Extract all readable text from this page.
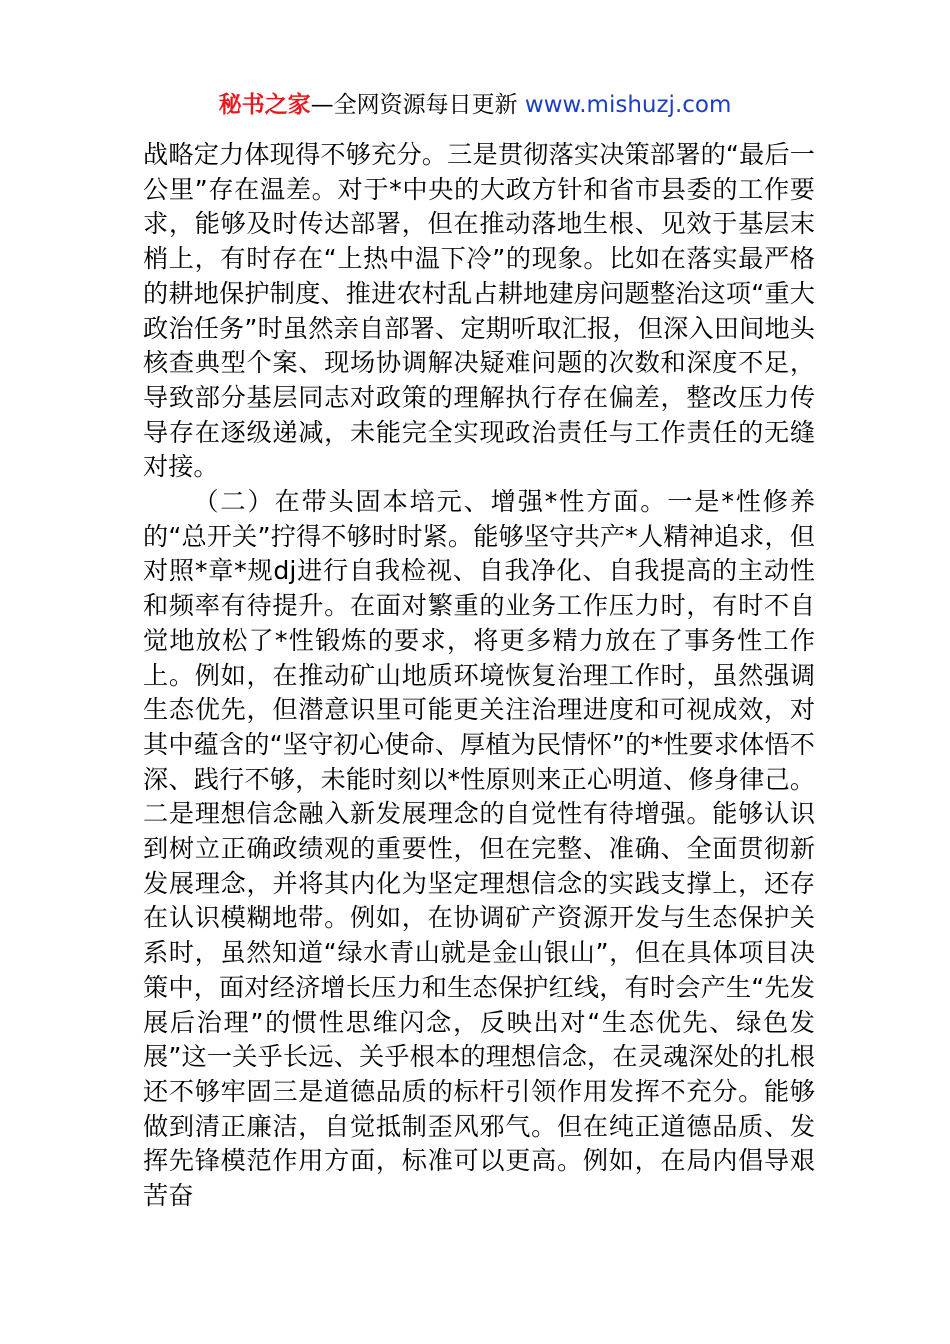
秘书之家—全网资源每日更新 www.mishuzj.com

战略定力体现得不够充分。三是贯彻落实决策部署的“最后一公里”存在温差。对于*中央的大政方针和省市县委的工作要求，能够及时传达部署，但在推动落地生根、见效于基层末梢上，有时存在“上热中温下冷”的现象。比如在落实最严格的耕地保护制度、推进农村乱占耕地建房问题整治这项“重大政治任务”时虽然亲自部署、定期听取汇报，但深入田间地头核查典型个案、现场协调解决疑难问题的次数和深度不足，导致部分基层同志对政策的理解执行存在偏差，整改压力传导存在逐级递减，未能完全实现政治责任与工作责任的无缝对接。

（二）在带头固本培元、增强*性方面。一是*性修养的“总开关”拧得不够时时紧。能够坚守共产*人精神追求，但对照*章*规dj进行自我检视、自我净化、自我提高的主动性和频率有待提升。在面对繁重的业务工作压力时，有时不自觉地放松了*性锻炼的要求，将更多精力放在了事务性工作上。例如，在推动矿山地质环境恢复治理工作时，虽然强调生态优先，但潜意识里可能更关注治理进度和可视成效，对其中蕴含的“坚守初心使命、厚植为民情怀”的*性要求体悟不深、践行不够，未能时刻以*性原则来正心明道、修身律己。二是理想信念融入新发展理念的自觉性有待增强。能够认识到树立正确政绩观的重要性，但在完整、准确、全面贯彻新发展理念，并将其内化为坚定理想信念的实践支撑上，还存在认识模糊地带。例如，在协调矿产资源开发与生态保护关系时，虽然知道“绿水青山就是金山银山”，但在具体项目决策中，面对经济增长压力和生态保护红线，有时会产生“先发展后治理”的惯性思维闪念，反映出对“生态优先、绿色发展”这一关乎长远、关乎根本的理想信念，在灵魂深处的扎根还不够牢固三是道德品质的标杆引领作用发挥不充分。能够做到清正廉洁，自觉抵制歪风邪气。但在纯正道德品质、发挥先锋模范作用方面，标准可以更高。例如，在局内倡导艰苦奋
